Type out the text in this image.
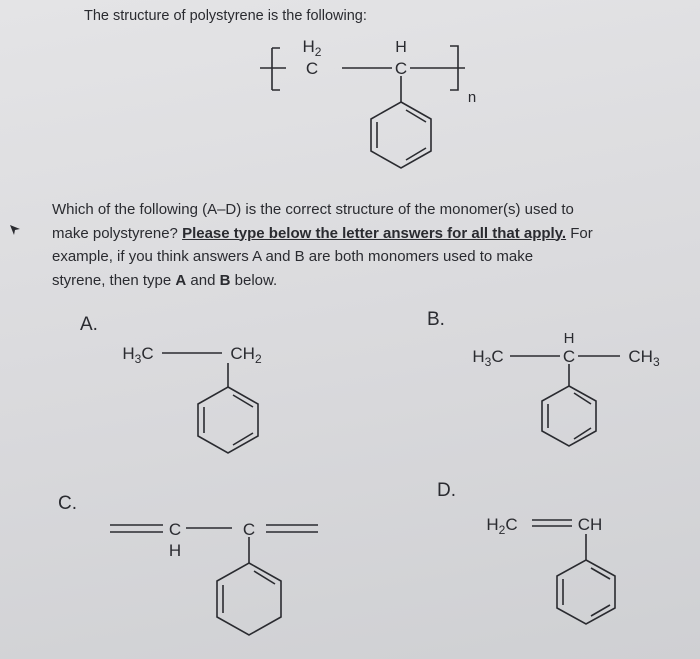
The structure of polystyrene is the following:
$H_2$
C
H
C
n

Which of the following (A–D) is the correct structure of the monomer(s) used to

make polystyrene? Please type below the letter answers for all that apply. For

example, if you think answers A and B are both monomers used to make

styrene, then type A and B below.

A.	B.
C.
D.
$H_3C$	$CH_2$	$H_3C$
H
C	$CH_3$
C
H
C	$H_2C$	CH
